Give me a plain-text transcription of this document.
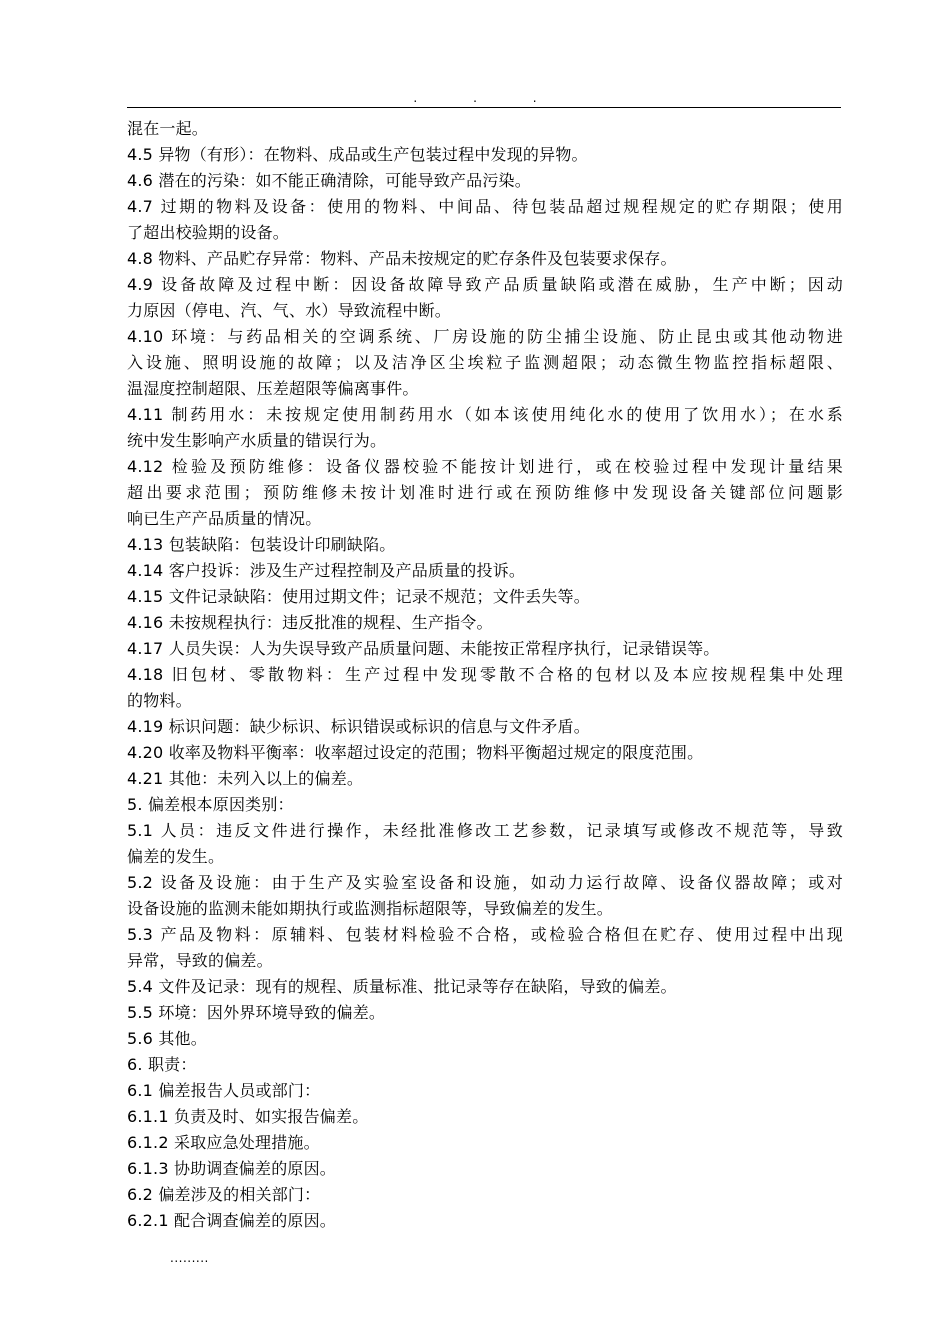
.	.	.
混在一起。
4.5 异物（有形）：在物料、成品或生产包装过程中发现的异物。
4.6 潜在的污染：如不能正确清除，可能导致产品污染。
4.7 过期的物料及设备：使用的物料、中间品、待包装品超过规程规定的贮存期限；使用
了超出校验期的设备。
4.8 物料、产品贮存异常：物料、产品未按规定的贮存条件及包装要求保存。
4.9 设备故障及过程中断：因设备故障导致产品质量缺陷或潜在威胁，生产中断；因动
力原因（停电、汽、气、水）导致流程中断。
4.10 环境：与药品相关的空调系统、厂房设施的防尘捕尘设施、防止昆虫或其他动物进
入设施、照明设施的故障；以及洁净区尘埃粒子监测超限；动态微生物监控指标超限、
温湿度控制超限、压差超限等偏离事件。
4.11 制药用水：未按规定使用制药用水（如本该使用纯化水的使用了饮用水）；在水系
统中发生影响产水质量的错误行为。
4.12 检验及预防维修：设备仪器校验不能按计划进行，或在校验过程中发现计量结果
超出要求范围；预防维修未按计划准时进行或在预防维修中发现设备关键部位问题影
响已生产产品质量的情况。
4.13 包装缺陷：包装设计印刷缺陷。
4.14 客户投诉：涉及生产过程控制及产品质量的投诉。
4.15 文件记录缺陷：使用过期文件；记录不规范；文件丢失等。
4.16 未按规程执行：违反批准的规程、生产指令。
4.17 人员失误：人为失误导致产品质量问题、未能按正常程序执行，记录错误等。
4.18 旧包材、零散物料：生产过程中发现零散不合格的包材以及本应按规程集中处理
的物料。
4.19 标识问题：缺少标识、标识错误或标识的信息与文件矛盾。
4.20 收率及物料平衡率：收率超过设定的范围；物料平衡超过规定的限度范围。
4.21 其他：未列入以上的偏差。
5. 偏差根本原因类别：
5.1 人员：违反文件进行操作，未经批准修改工艺参数，记录填写或修改不规范等，导致
偏差的发生。
5.2 设备及设施：由于生产及实验室设备和设施，如动力运行故障、设备仪器故障；或对
设备设施的监测未能如期执行或监测指标超限等，导致偏差的发生。
5.3 产品及物料：原辅料、包装材料检验不合格，或检验合格但在贮存、使用过程中出现
异常，导致的偏差。
5.4 文件及记录：现有的规程、质量标准、批记录等存在缺陷，导致的偏差。
5.5 环境：因外界环境导致的偏差。
5.6 其他。
6. 职责：
6.1 偏差报告人员或部门：
6.1.1 负责及时、如实报告偏差。
6.1.2 采取应急处理措施。
6.1.3 协助调查偏差的原因。
6.2 偏差涉及的相关部门：
6.2.1 配合调查偏差的原因。
.........
